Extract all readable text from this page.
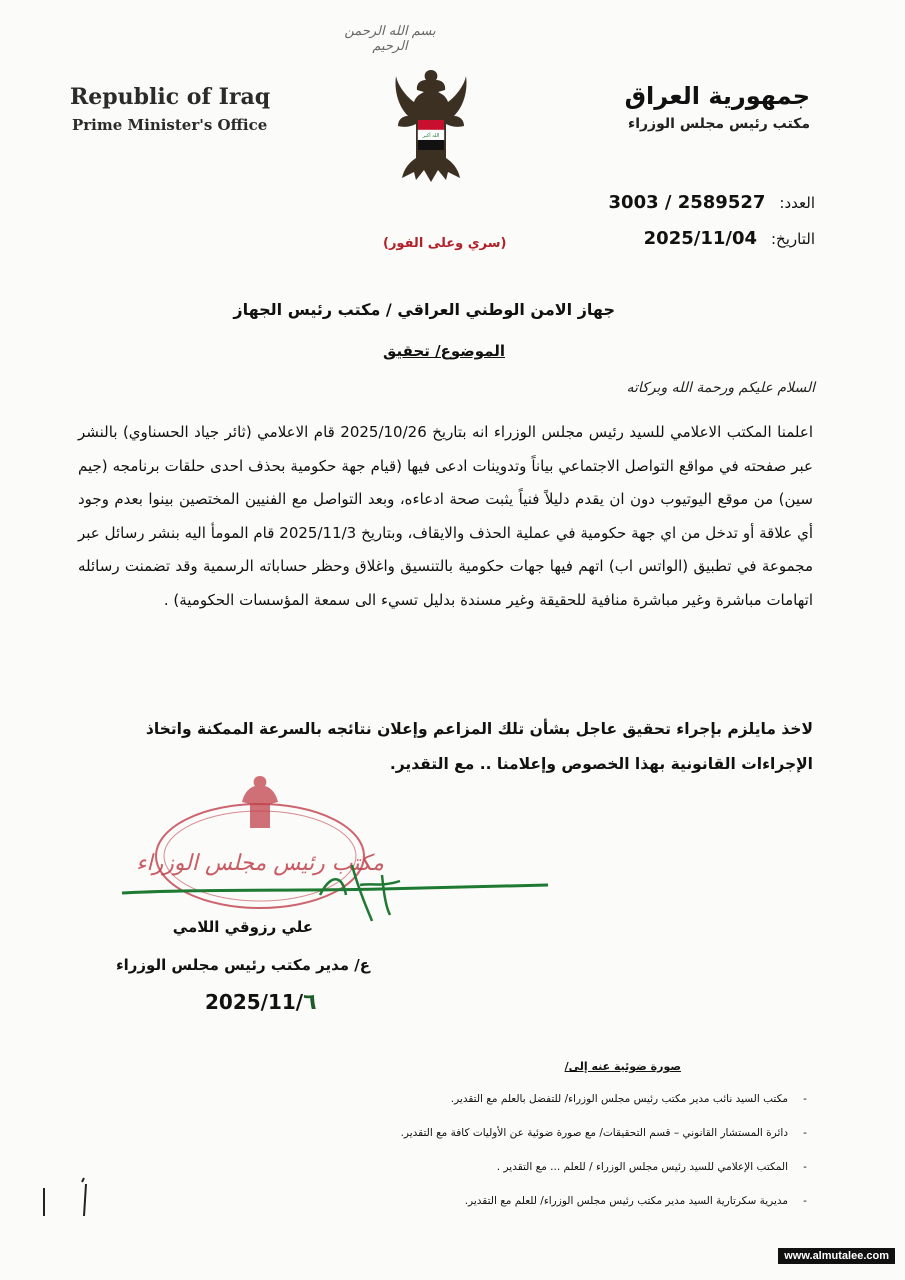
بسم الله الرحمن الرحيم
Republic of Iraq
Prime Minister's Office
جمهورية العراق
مكتب رئيس مجلس الوزراء
الله أكبر
العدد:
3003 / 2589527
التاريخ:
2025/11/04
(سري وعلى الفور)
جهاز الامن الوطني العراقي / مكتب رئيس الجهاز
الموضوع/ تحقيق
السلام عليكم ورحمة الله وبركاته
اعلمنا المكتب الاعلامي للسيد رئيس مجلس الوزراء انه بتاريخ 2025/10/26 قام الاعلامي (ثائر جياد الحسناوي) بالنشر عبر صفحته في مواقع التواصل الاجتماعي بياناً وتدوينات ادعى فيها (قيام جهة حكومية بحذف احدى حلقات برنامجه (جيم سين) من موقع اليوتيوب دون ان يقدم دليلاً فنياً يثبت صحة ادعاءه، وبعد التواصل مع الفنيين المختصين بينوا بعدم وجود أي علاقة أو تدخل من اي جهة حكومية في عملية الحذف والايقاف، وبتاريخ 2025/11/3 قام المومأ اليه بنشر رسائل عبر مجموعة في تطبيق (الواتس اب) اتهم فيها جهات حكومية بالتنسيق واغلاق وحظر حساباته الرسمية وقد تضمنت رسائله اتهامات مباشرة وغير مباشرة منافية للحقيقة وغير مسندة بدليل تسيء الى سمعة المؤسسات الحكومية) .
لاخذ مايلزم بإجراء تحقيق عاجل بشأن تلك المزاعم وإعلان نتائجه بالسرعة الممكنة واتخاذ الإجراءات القانونية بهذا الخصوص وإعلامنا .. مع التقدير.
مكتب رئيس مجلس الوزراء
علي رزوقي اللامي
ع/ مدير مكتب رئيس مجلس الوزراء
2025/11/٦
صورة ضوئية عنه إلى/
-
مكتب السيد نائب مدير مكتب رئيس مجلس الوزراء/ للتفضل بالعلم مع التقدير.
-
دائرة المستشار القانوني – قسم التحقيقات/ مع صورة ضوئية عن الأوليات كافة مع التقدير.
-
المكتب الإعلامي للسيد رئيس مجلس الوزراء / للعلم ... مع التقدير .
-
مديرية سكرتارية السيد مدير مكتب رئيس مجلس الوزراء/ للعلم مع التقدير.
www.almutalee.com
